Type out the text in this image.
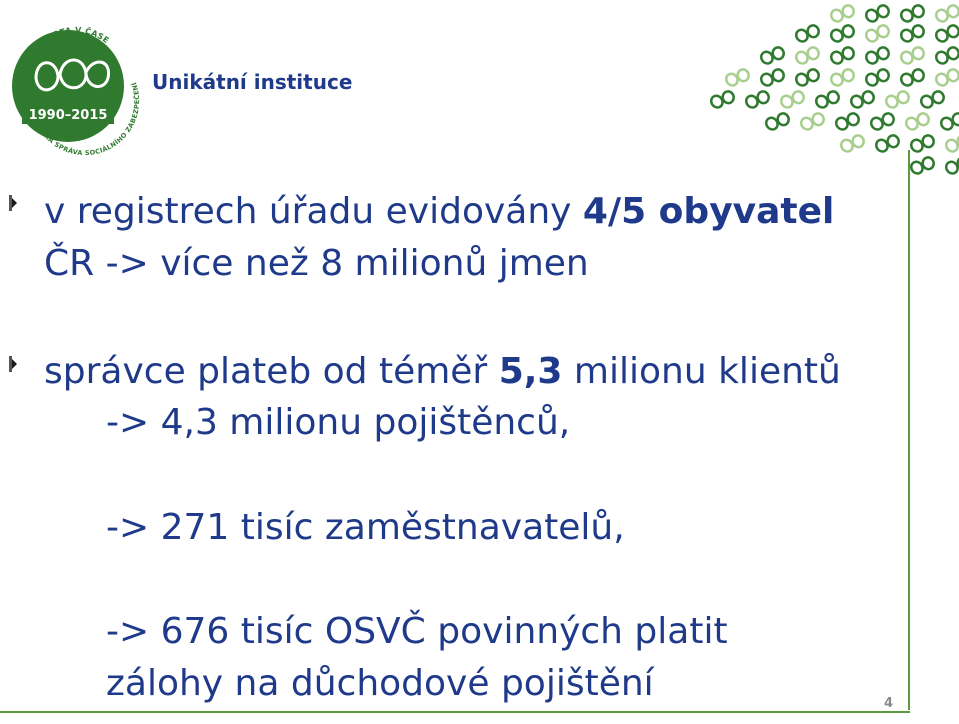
1990–2015
VAŠE JISTOTA V ČASE
ČESKÁ SPRÁVA SOCIÁLNÍHO ZABEZPEČENÍ Unikátní instituce
4
v registrech úřadu evidovány 4/5 obyvatel
ČR -> více než 8 milionů jmen
správce plateb od téměř 5,3 milionu klientů
-> 4,3 milionu pojištěnců,
-> 271 tisíc zaměstnavatelů,
-> 676 tisíc OSVČ povinných platit
zálohy na důchodové pojištění
